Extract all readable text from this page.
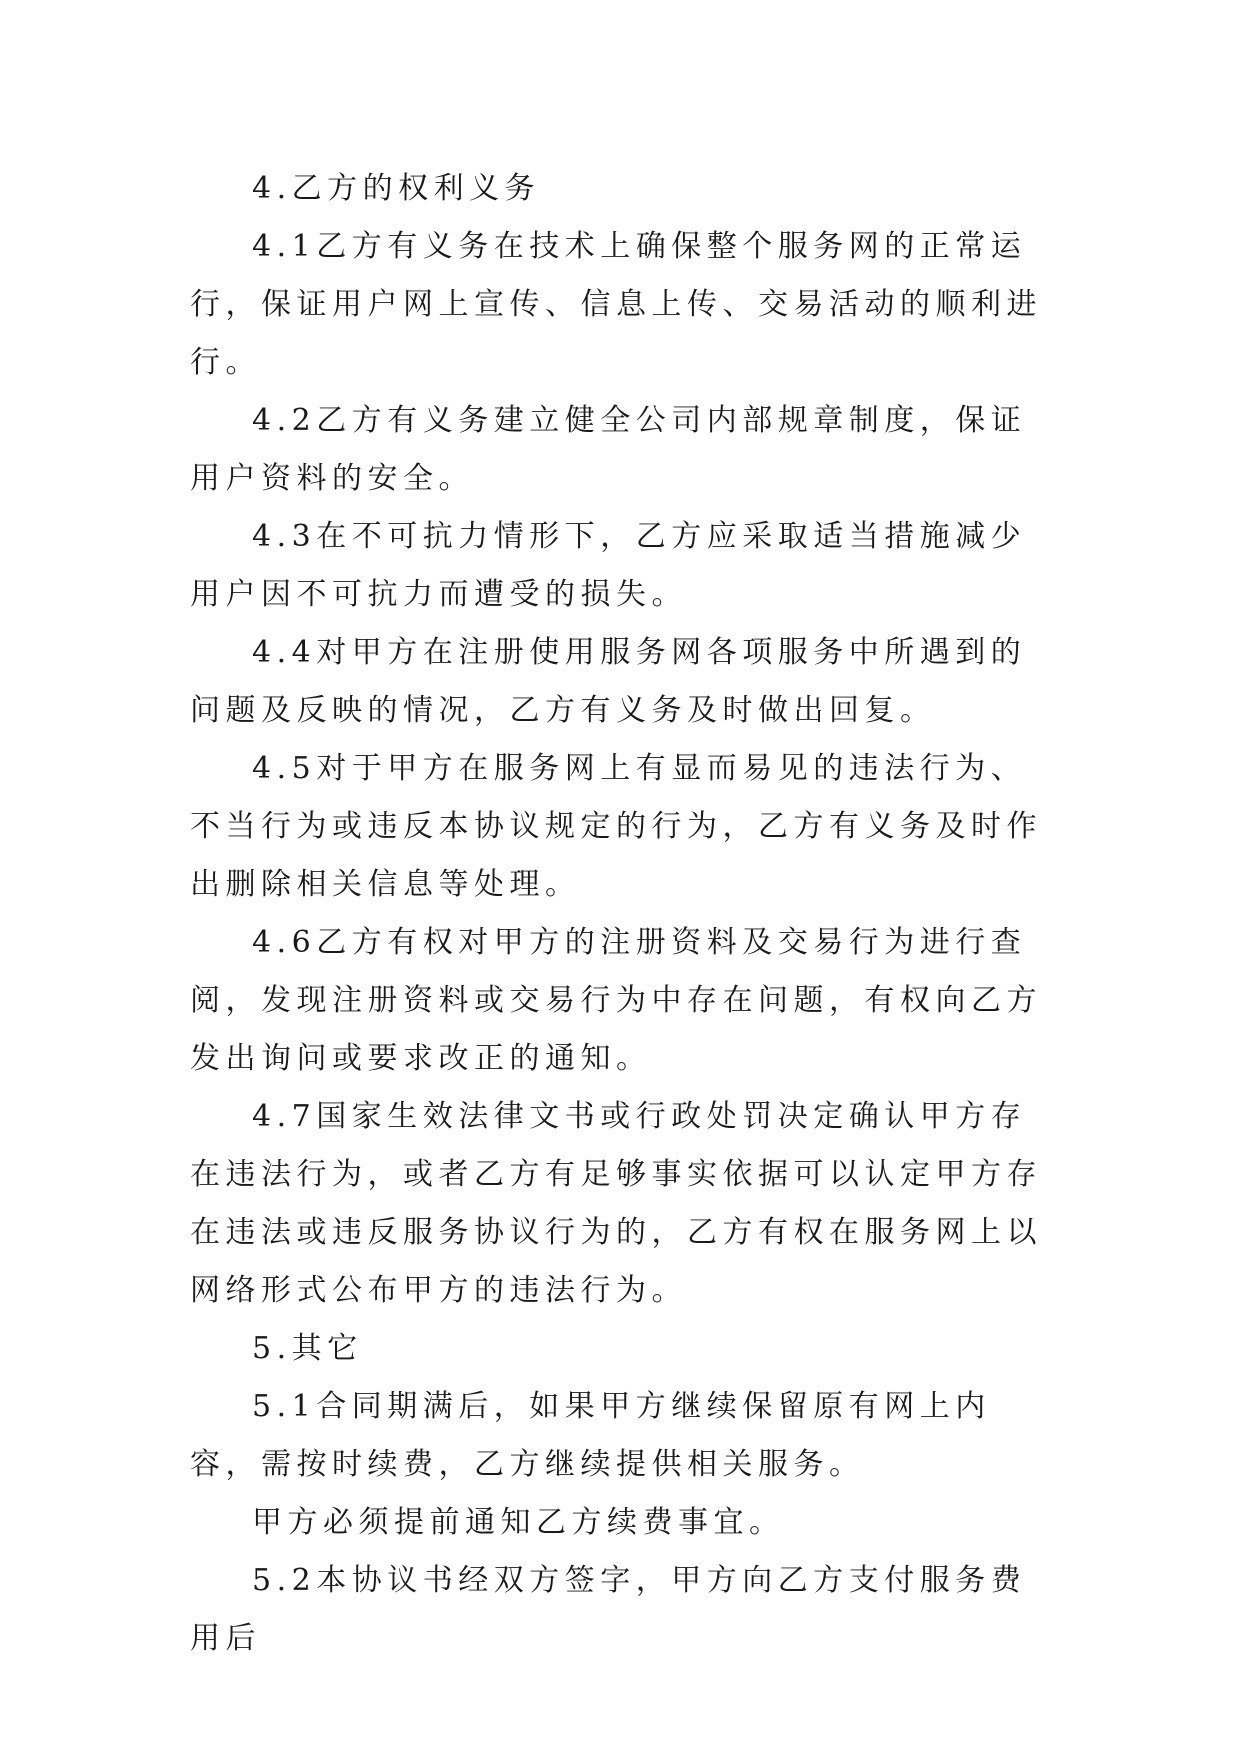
4.乙方的权利义务

4.1乙方有义务在技术上确保整个服务网的正常运行，保证用户网上宣传、信息上传、交易活动的顺利进行。

4.2乙方有义务建立健全公司内部规章制度，保证用户资料的安全。

4.3在不可抗力情形下，乙方应采取适当措施减少用户因不可抗力而遭受的损失。

4.4对甲方在注册使用服务网各项服务中所遇到的问题及反映的情况，乙方有义务及时做出回复。

4.5对于甲方在服务网上有显而易见的违法行为、不当行为或违反本协议规定的行为，乙方有义务及时作出删除相关信息等处理。

4.6乙方有权对甲方的注册资料及交易行为进行查阅，发现注册资料或交易行为中存在问题，有权向乙方发出询问或要求改正的通知。

4.7国家生效法律文书或行政处罚决定确认甲方存在违法行为，或者乙方有足够事实依据可以认定甲方存在违法或违反服务协议行为的，乙方有权在服务网上以网络形式公布甲方的违法行为。

5.其它

5.1合同期满后，如果甲方继续保留原有网上内容，需按时续费，乙方继续提供相关服务。

甲方必须提前通知乙方续费事宜。

5.2本协议书经双方签字，甲方向乙方支付服务费用后
